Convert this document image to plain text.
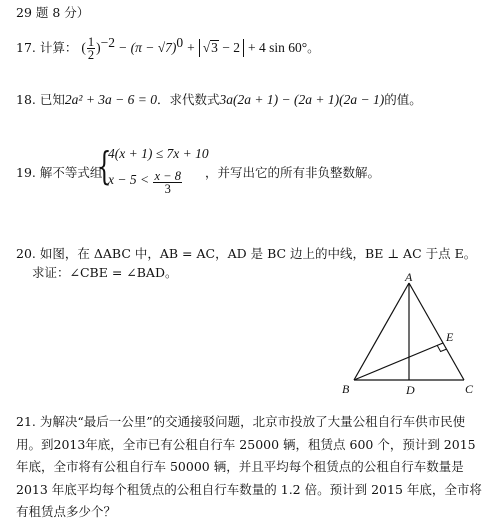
29 题 8 分）
17. 计算： ( $\frac{1}{2} )^{-2} - (\pi - √7)^0 + √3 - 2 + 4$ sin 60°。
18. 已知2a² + 3a − 6 = 0．求代数式3a(2a + 1) − (2a + 1)(2a − 1)的值。
19. 解不等式组
{
4(x + 1) ≤ 7x + 10
$x - 5 < \frac{x - 8}{3}$ ，并写出它的所有非负整数解。
20. 如图，在 ΔABC 中，AB = AC，AD 是 BC 边上的中线，BE ⊥ AC 于点 E。
求证：∠CBE = ∠BAD。	A
B	C
D
E
21. 为解决“最后一公里”的交通接驳问题，北京市投放了大量公租自行车供市民使用。到2013年底，全市已有公租自行车 25000 辆，租赁点 600 个，预计到 2015 年底，全市将有公租自行车 50000 辆，并且平均每个租赁点的公租自行车数量是 2013 年底平均每个租赁点的公租自行车数量的 1.2 倍。预计到 2015 年底，全市将有租赁点多少个？
